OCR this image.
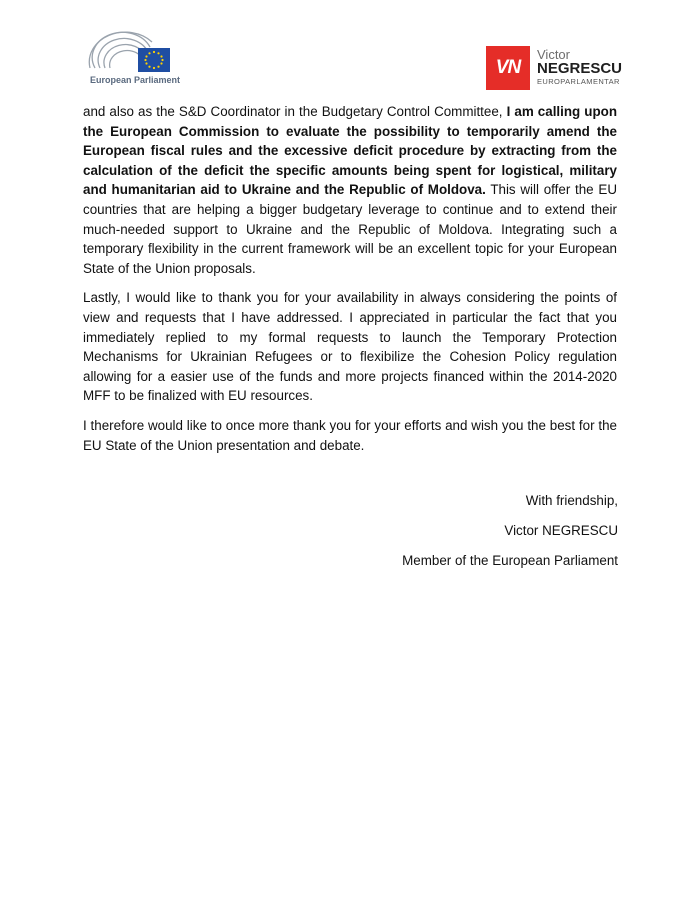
European Parliament
VN
Victor
NEGRESCU
EUROPARLAMENTAR

and also as the S&D Coordinator in the Budgetary Control Committee, I am calling upon the European Commission to evaluate the possibility to temporarily amend the European fiscal rules and the excessive deficit procedure by extracting from the calculation of the deficit the specific amounts being spent for logistical, military and humanitarian aid to Ukraine and the Republic of Moldova. This will offer the EU countries that are helping a bigger budgetary leverage to continue and to extend their much-needed support to Ukraine and the Republic of Moldova. Integrating such a temporary flexibility in the current framework will be an excellent topic for your European State of the Union proposals.

Lastly, I would like to thank you for your availability in always considering the points of view and requests that I have addressed. I appreciated in particular the fact that you immediately replied to my formal requests to launch the Temporary Protection Mechanisms for Ukrainian Refugees or to flexibilize the Cohesion Policy regulation allowing for a easier use of the funds and more projects financed within the 2014-2020 MFF to be finalized with EU resources.

I therefore would like to once more thank you for your efforts and wish you the best for the EU State of the Union presentation and debate.

With friendship,
Victor NEGRESCU
Member of the European Parliament
